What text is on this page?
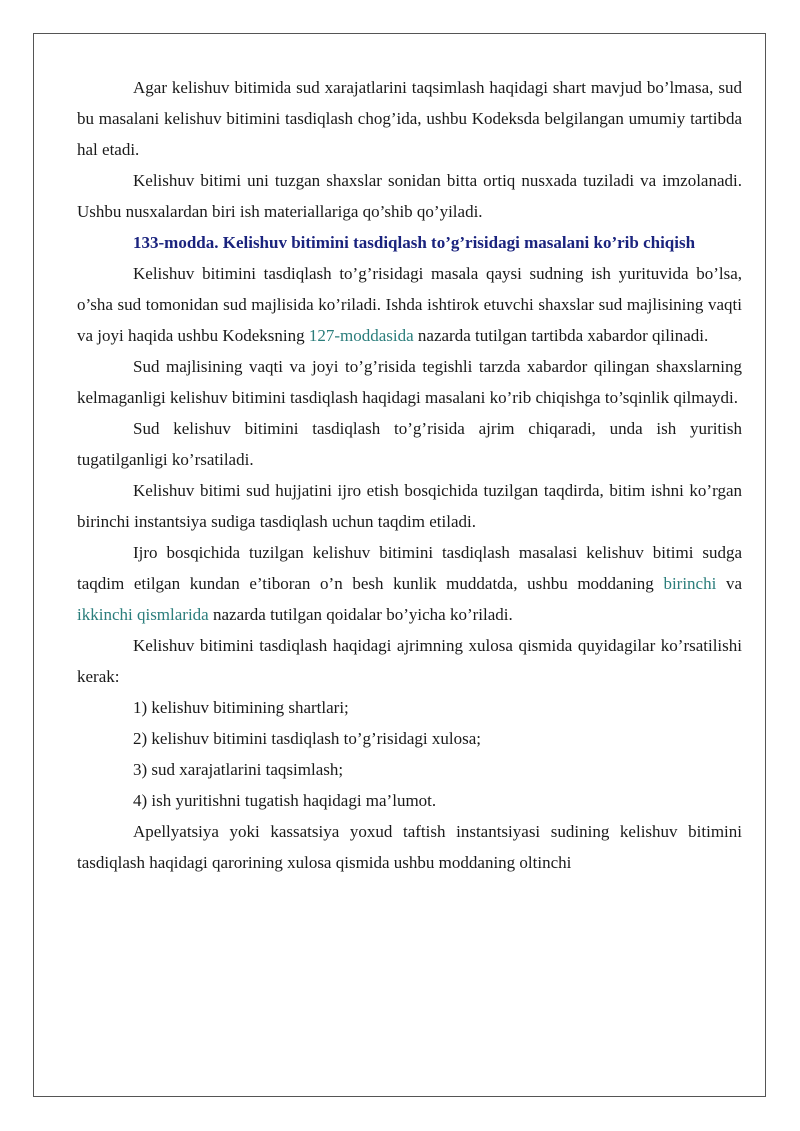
Agar kelishuv bitimida sud xarajatlarini taqsimlash haqidagi shart mavjud bo’lmasa, sud bu masalani kelishuv bitimini tasdiqlash chog’ida, ushbu Kodeksda belgilangan umumiy tartibda hal etadi.

Kelishuv bitimi uni tuzgan shaxslar sonidan bitta ortiq nusxada tuziladi va imzolanadi. Ushbu nusxalardan biri ish materiallariga qo’shib qo’yiladi.

133-modda. Kelishuv bitimini tasdiqlash to’g’risidagi masalani ko’rib chiqish

Kelishuv bitimini tasdiqlash to’g’risidagi masala qaysi sudning ish yurituvida bo’lsa, o’sha sud tomonidan sud majlisida ko’riladi. Ishda ishtirok etuvchi shaxslar sud majlisining vaqti va joyi haqida ushbu Kodeksning 127-moddasida nazarda tutilgan tartibda xabardor qilinadi.

Sud majlisining vaqti va joyi to’g’risida tegishli tarzda xabardor qilingan shaxslarning kelmaganligi kelishuv bitimini tasdiqlash haqidagi masalani ko’rib chiqishga to’sqinlik qilmaydi.

Sud kelishuv bitimini tasdiqlash to’g’risida ajrim chiqaradi, unda ish yuritish tugatilganligi ko’rsatiladi.

Kelishuv bitimi sud hujjatini ijro etish bosqichida tuzilgan taqdirda, bitim ishni ko’rgan birinchi instantsiya sudiga tasdiqlash uchun taqdim etiladi.

Ijro bosqichida tuzilgan kelishuv bitimini tasdiqlash masalasi kelishuv bitimi sudga taqdim etilgan kundan e’tiboran o’n besh kunlik muddatda, ushbu moddaning birinchi va ikkinchi qismlarida nazarda tutilgan qoidalar bo’yicha ko’riladi.

Kelishuv bitimini tasdiqlash haqidagi ajrimning xulosa qismida quyidagilar ko’rsatilishi kerak:

1) kelishuv bitimining shartlari;

2) kelishuv bitimini tasdiqlash to’g’risidagi xulosa;

3) sud xarajatlarini taqsimlash;

4) ish yuritishni tugatish haqidagi ma’lumot.

Apellyatsiya yoki kassatsiya yoxud taftish instantsiyasi sudining kelishuv bitimini tasdiqlash haqidagi qarorining xulosa qismida ushbu moddaning oltinchi
